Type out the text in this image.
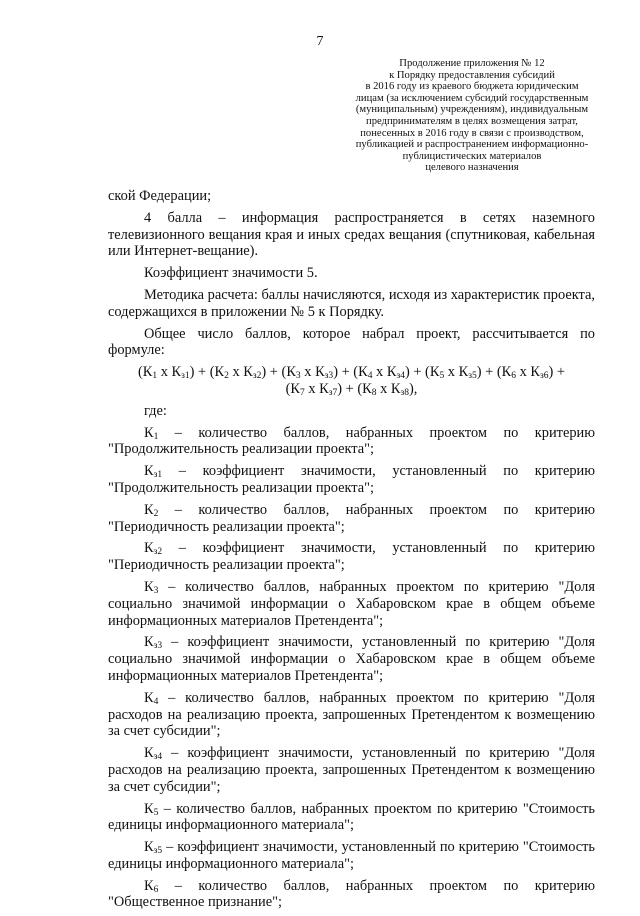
7
Продолжение приложения № 12
к Порядку предоставления субсидий
в 2016 году из краевого бюджета юридическим
лицам (за исключением субсидий государственным
(муниципальным) учреждениям), индивидуальным
предпринимателям в целях возмещения затрат,
понесенных в 2016 году в связи с производством,
публикацией и распространением информационно-
публицистических материалов
целевого назначения

ской Федерации;

4 балла – информация распространяется в сетях наземного телевизионного вещания края и иных средах вещания (спутниковая, кабельная или Интернет-вещание).

Коэффициент значимости 5.

Методика расчета: баллы начисляются, исходя из характеристик проекта, содержащихся в приложении № 5 к Порядку.

Общее число баллов, которое набрал проект, рассчитывается по формуле:

($К_1$ х $К_{з1}) + (К_2$ х $К_{з2}) + (К_3$ х $К_{з3}) + (К_4$ х $К_{з4}) + (К_5$ х $К_{з5}) + (К_6$ х $К_{з6}$) +
($К_7$ х $К_{з7}) + (К_8$ х $К_{з8}$),

где:

$К_1$ – количество баллов, набранных проектом по критерию "Продолжительность реализации проекта";

$К_{з1}$ – коэффициент значимости, установленный по критерию "Продолжительность реализации проекта";

$К_2$ – количество баллов, набранных проектом по критерию "Периодичность реализации проекта";

$К_{з2}$ – коэффициент значимости, установленный по критерию "Периодичность реализации проекта";

$К_3$ – количество баллов, набранных проектом по критерию "Доля социально значимой информации о Хабаровском крае в общем объеме информационных материалов Претендента";

$К_{з3}$ – коэффициент значимости, установленный по критерию "Доля социально значимой информации о Хабаровском крае в общем объеме информационных материалов Претендента";

$К_4$ – количество баллов, набранных проектом по критерию "Доля расходов на реализацию проекта, запрошенных Претендентом к возмещению за счет субсидии";

$К_{з4}$ – коэффициент значимости, установленный по критерию "Доля расходов на реализацию проекта, запрошенных Претендентом к возмещению за счет субсидии";

$К_5$ – количество баллов, набранных проектом по критерию "Стоимость единицы информационного материала";

$К_{з5}$ – коэффициент значимости, установленный по критерию "Стоимость единицы информационного материала";

$К_6$ – количество баллов, набранных проектом по критерию "Общественное признание";
